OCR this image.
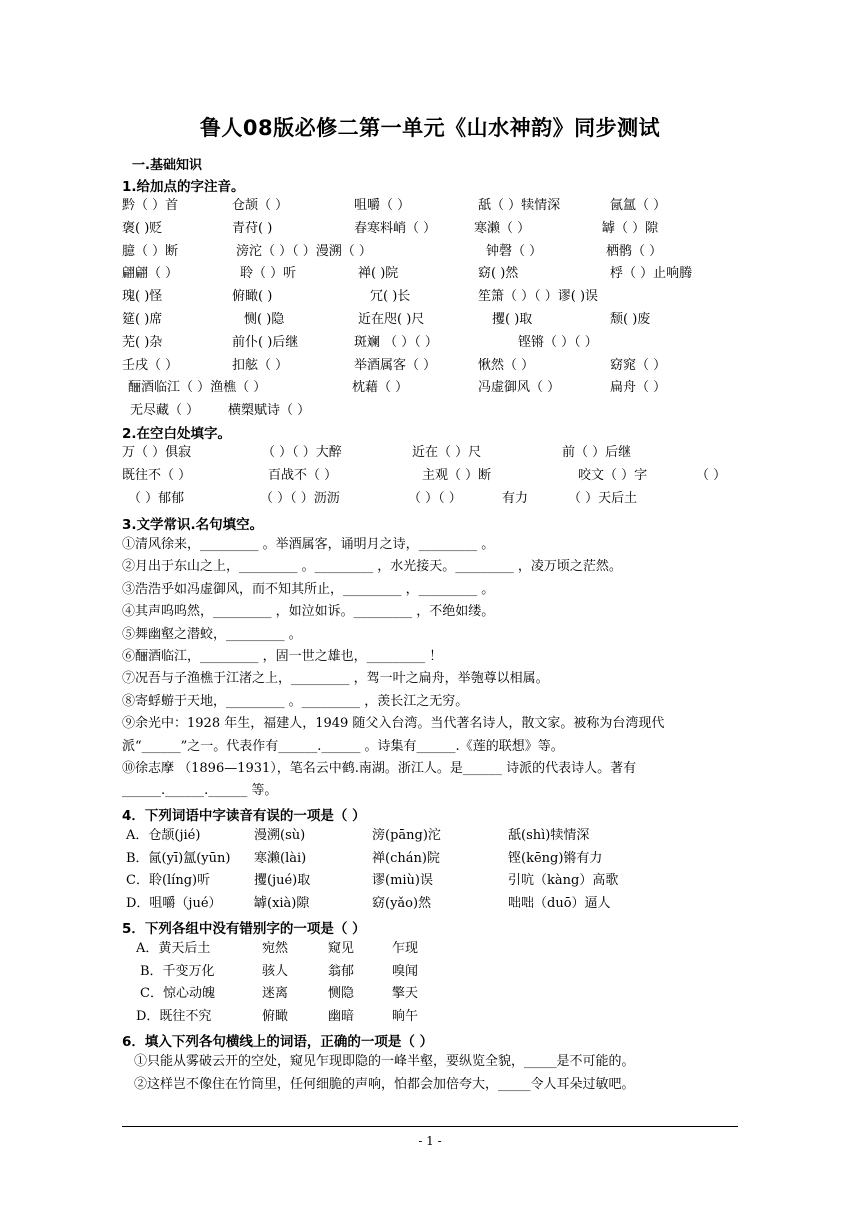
鲁人08版必修二第一单元《山水神韵》同步测试
一.基础知识
1.给加点的字注音。
黔（ ）首	仓颉（ ）	咀嚼（ ）	舐（ ）犊情深	氤氲（ ）
褒( )贬	青苻( )	春寒料峭（ ）	寒濑（ ）	罅（ ）隙
臆（ ）断	滂沱（ ）（ ）漫溯（ ）	钟磬（ ）	栖鹘（ ）
翩翩（ ）	聆（ ）听	禅( )院	窈( )然	桴（ ）止响腾
瑰( )怪	俯瞰( )	冗( )长	笙箫（ ）（ ）谬( )误
筵( )席	恻( )隐	近在咫( )尺	攫( )取	颓( )废
芜( )杂	前仆( )后继	斑斓 （ ）（ ）	铿锵（ ）（ ）
壬戌（ ）	扣舷（ ）	举酒属客（ ）	愀然（ ）	窈窕（ ）
酾酒临江（ ）渔樵（ ）	枕藉（ ）	冯虚御风（ ）	扁舟（ ）
无尽藏（ ） 横槊赋诗（ ）
2.在空白处填字。
万（ ）俱寂	（ ）（ ）大醉	近在（ ）尺	前（ ）后继
既往不（ ）	百战不（ ）	主观（ ）断	咬文（ ）字	（ ）
（ ）郁郁	（ ）（ ）沥沥	（ ）（ ）	有力	（ ）天后土
3.文学常识.名句填空。
①清风徐来，_________ 。举酒属客，诵明月之诗，_________ 。
②月出于东山之上，_________ 。_________ ，水光接天。_________ ，凌万顷之茫然。
③浩浩乎如冯虚御风，而不知其所止，_________ ，_________ 。
④其声呜呜然，_________ ，如泣如诉。_________ ，不绝如缕。
⑤舞幽壑之潜蛟，_________ 。
⑥酾酒临江，_________ ，固一世之雄也，_________ ！
⑦况吾与子渔樵于江渚之上，_________ ，驾一叶之扁舟，举匏尊以相属。
⑧寄蜉蝣于天地，_________ 。_________ ，羡长江之无穷。
⑨余光中：1928 年生，福建人，1949 随父入台湾。当代著名诗人，散文家。被称为台湾现代
派“______”之一。代表作有______.______ 。诗集有______.《莲的联想》等。
⑩徐志摩 （1896—1931），笔名云中鹤.南湖。浙江人。是______ 诗派的代表诗人。著有
______.______.______ 等。
4．下列词语中字读音有误的一项是（ ）
A．仓颉(jié)	漫溯(sù)	滂(pāng)沱	舐(shì)犊情深
B．氤(yī)氲(yūn) 寒濑(lài)	禅(chán)院	铿(kēng)锵有力
C．聆(líng)听	攫(jué)取	谬(miù)误	引吭（kàng）高歌
D．咀嚼（jué） 罅(xià)隙	窈(yǎo)然	咄咄（duō）逼人
5．下列各组中没有错别字的一项是（ ）
A．黄天后土	宛然	窥见	乍现
B．千变万化	骇人	翁郁	嗅闻
C．惊心动魄	迷离	恻隐	擎天
D．既往不究	俯瞰	幽暗	晌午
6．填入下列各句横线上的词语，正确的一项是（ ）
①只能从雾破云开的空处，窥见乍现即隐的一峰半壑，要纵览全貌，_____是不可能的。
②这样岂不像住在竹筒里，任何细脆的声响，怕都会加倍夸大，_____令人耳朵过敏吧。
- 1 -
